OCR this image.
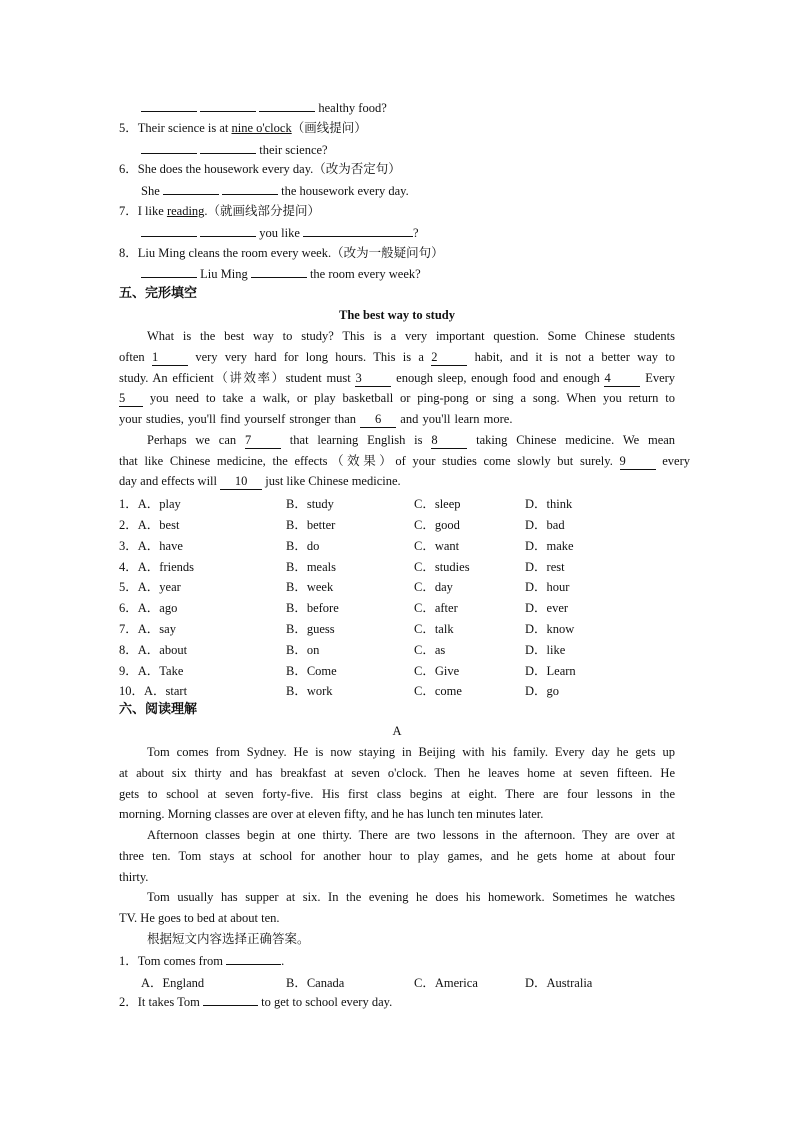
healthy food?
5．Their science is at nine o'clock（画线提问）
their science?
6．She does the housework every day.（改为否定句）
She	the housework every day.
7．I like reading.（就画线部分提问）
you like	?
8．Liu Ming cleans the room every week.（改为一般疑问句）
Liu Ming	the room every week?
五、完形填空
The best way to study
What is the best way to study? This is a very important question. Some Chinese students
often 1	very very hard for long hours. This is a 2	habit, and it is not a better way to
study. An efficient（讲效率）student must 3	enough sleep, enough food and enough 4	Every
5 you need to take a walk, or play basketball or ping-pong or sing a song. When you return to
your studies, you'll find yourself stronger than 6 and you'll learn more.
Perhaps we can 7	that learning English is 8	taking Chinese medicine. We mean
that like Chinese medicine, the effects（效果）of your studies come slowly but surely. 9	every
day and effects will 10 just like Chinese medicine.
1．A．play	B．study	C．sleep	D．think
2．A．best	B．better	C．good	D．bad
3．A．have	B．do	C．want	D．make
4．A．friends	B．meals	C．studies	D．rest
5．A．year	B．week	C．day	D．hour
6．A．ago	B．before	C．after	D．ever
7．A．say	B．guess	C．talk	D．know
8．A．about	B．on	C．as	D．like
9．A．Take	B．Come	C．Give	D．Learn
10．A．start	B．work	C．come	D．go
六、阅读理解
A
Tom comes from Sydney. He is now staying in Beijing with his family. Every day he gets up
at about six thirty and has breakfast at seven o'clock. Then he leaves home at seven fifteen. He
gets to school at seven forty-five. His first class begins at eight. There are four lessons in the
morning. Morning classes are over at eleven fifty, and he has lunch ten minutes later.
Afternoon classes begin at one thirty. There are two lessons in the afternoon. They are over at
three ten. Tom stays at school for another hour to play games, and he gets home at about four
thirty.
Tom usually has supper at six. In the evening he does his homework. Sometimes he watches
TV. He goes to bed at about ten.
根据短文内容选择正确答案。
1．Tom comes from	.
A．England	B．Canada	C．America	D．Australia
2．It takes Tom	to get to school every day.
